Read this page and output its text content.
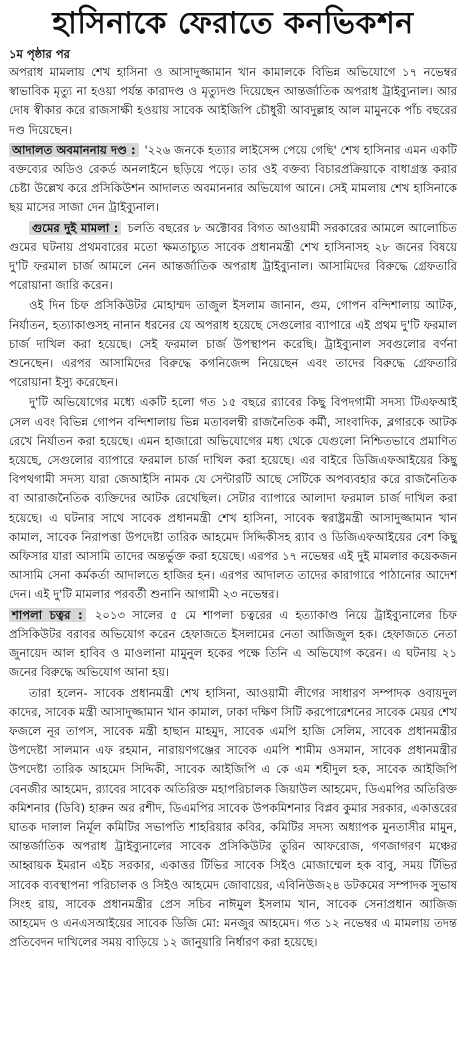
হাসিনাকে ফেরাতে কনভিকশন
১ম পৃষ্ঠার পর

অপরাধ মামলায় শেখ হাসিনা ও আসাদুজ্জামান খান কামালকে বিভিন্ন অভিযোগে ১৭ নভেম্বর স্বাভাবিক মৃত্যু না হওয়া পর্যন্ত কারাদণ্ড ও মৃত্যুদণ্ড দিয়েছেন আন্তর্জাতিক অপরাধ ট্রাইব্যুনাল। আর দোষ স্বীকার করে রাজসাক্ষী হওয়ায় সাবেক আইজিপি চৌধুরী আবদুল্লাহ আল মামুনকে পাঁচ বছরের দণ্ড দিয়েছেন।

আদালত অবমাননায় দণ্ড : '২২৬ জনকে হত্যার লাইসেন্স পেয়ে গেছি' শেখ হাসিনার এমন একটি বক্তব্যের অডিও রেকর্ড অনলাইনে ছড়িয়ে পড়ে। তার ওই বক্তব্য বিচারপ্রক্রিয়াকে বাধাগ্রস্ত করার চেষ্টা উল্লেখ করে প্রসিকিউশন আদালত অবমাননার অভিযোগ আনে। সেই মামলায় শেখ হাসিনাকে ছয় মাসের সাজা দেন ট্রাইব্যুনাল।

গুমের দুই মামলা : চলতি বছরের ৮ অক্টোবর বিগত আওয়ামী সরকারের আমলে আলোচিত গুমের ঘটনায় প্রথমবারের মতো ক্ষমতাচ্যুত সাবেক প্রধানমন্ত্রী শেখ হাসিনাসহ ২৮ জনের বিষয়ে দু'টি ফরমাল চার্জ আমলে নেন আন্তর্জাতিক অপরাধ ট্রাইব্যুনাল। আসামিদের বিরুদ্ধে গ্রেফতারি পরোয়ানা জারি করেন।

ওই দিন চিফ প্রসিকিউটর মোহাম্মদ তাজুল ইসলাম জানান, গুম, গোপন বন্দিশালায় আটক, নির্যাতন, হত্যাকাণ্ডসহ নানান ধরনের যে অপরাধ হয়েছে সেগুলোর ব্যাপারে এই প্রথম দু'টি ফরমাল চার্জ দাখিল করা হয়েছে। সেই ফরমাল চার্জ উপস্থাপন করেছি। ট্রাইব্যুনাল সবগুলোর বর্ণনা শুনেছেন। এরপর আসামিদের বিরুদ্ধে কগনিজেন্স নিয়েছেন এবং তাদের বিরুদ্ধে গ্রেফতারি পরোয়ানা ইস্যু করেছেন।

দু'টি অভিযোগের মধ্যে একটি হলো গত ১৫ বছরে র‌্যাবের কিছু বিপদগামী সদস্য টিএফআই সেল এবং বিভিন্ন গোপন বন্দিশালায় ভিন্ন মতাবলম্বী রাজনৈতিক কর্মী, সাংবাদিক, ব্লগারকে আটক রেখে নির্যাতন করা হয়েছে। এমন হাজারো অভিযোগের মধ্য থেকে যেগুলো নিশ্চিতভাবে প্রমাণিত হয়েছে, সেগুলোর ব্যাপারে ফরমাল চার্জ দাখিল করা হয়েছে। এর বাইরে ডিজিএফআইয়ের কিছু বিপথগামী সদস্য যারা জেআইসি নামক যে সেন্টারটি আছে সেটিকে অপব্যবহার করে রাজনৈতিক বা আরাজনৈতিক ব্যক্তিদের আটক রেখেছিল। সেটার ব্যাপারে আলাদা ফরমাল চার্জ দাখিল করা হয়েছে। এ ঘটনার সাথে সাবেক প্রধানমন্ত্রী শেখ হাসিনা, সাবেক স্বরাষ্ট্রমন্ত্রী আসাদুজ্জামান খান কামাল, সাবেক নিরাপত্তা উপদেষ্টা তারিক আহমেদ সিদ্দিকীসহ র‌্যাব ও ডিজিএফআইয়ের বেশ কিছু অফিসার যারা আসামি তাদের অন্তর্ভুক্ত করা হয়েছে। এরপর ১৭ নভেম্বর এই দুই মামলার কয়েকজন আসামি সেনা কর্মকর্তা আদালতে হাজির হন। এরপর আদালত তাদের কারাগারে পাঠানোর আদেশ দেন। এই দু'টি মামলার পরবর্তী শুনানি আগামী ২৩ নভেম্বর।

শাপলা চত্বর : ২০১৩ সালের ৫ মে শাপলা চত্বরের এ হত্যাকাণ্ড নিয়ে ট্রাইব্যুনালের চিফ প্রসিকিউটর বরাবর অভিযোগ করেন হেফাজতে ইসলামের নেতা আজিজুল হক। হেফাজতে নেতা জুনায়েদ আল হাবিব ও মাওলানা মামুনুল হকের পক্ষে তিনি এ অভিযোগ করেন। এ ঘটনায় ২১ জনের বিরুদ্ধে অভিযোগ আনা হয়।

তারা হলেন- সাবেক প্রধানমন্ত্রী শেখ হাসিনা, আওয়ামী লীগের সাধারণ সম্পাদক ওবায়দুল কাদের, সাবেক মন্ত্রী আসাদুজ্জামান খান কামাল, ঢাকা দক্ষিণ সিটি করপোরেশনের সাবেক মেয়র শেখ ফজলে নূর তাপস, সাবেক মন্ত্রী হাছান মাহমুদ, সাবেক এমপি হাজি সেলিম, সাবেক প্রধানমন্ত্রীর উপদেষ্টা সালমান এফ রহমান, নারায়ণগঞ্জের সাবেক এমপি শামীম ওসমান, সাবেক প্রধানমন্ত্রীর উপদেষ্টা তারিক আহমেদ সিদ্দিকী, সাবেক আইজিপি এ কে এম শহীদুল হক, সাবেক আইজিপি বেনজীর আহমেদ, র‌্যাবের সাবেক অতিরিক্ত মহাপরিচালক জিয়াউল আহমেদ, ডিএমপির অতিরিক্ত কমিশনার (ডিবি) হারুন অর রশীদ, ডিএমপির সাবেক উপকমিশনার বিপ্লব কুমার সরকার, একাত্তরের ঘাতক দালাল নির্মূল কমিটির সভাপতি শাহরিয়ার কবির, কমিটির সদস্য অধ্যাপক মুনতাসীর মামুন, আন্তর্জাতিক অপরাধ ট্রাইব্যুনালের সাবেক প্রসিকিউটর তুরিন আফরোজ, গণজাগরণ মঞ্চের আহ্বায়ক ইমরান এইচ সরকার, একাত্তর টিভির সাবেক সিইও মোজাম্মেল হক বাবু, সময় টিভির সাবেক ব্যবস্থাপনা পরিচালক ও সিইও আহমেদ জোবায়ের, এবিনিউজ২৪ ডটকমের সম্পাদক সুভাষ সিংহ রায়, সাবেক প্রধানমন্ত্রীর প্রেস সচিব নাঈমুল ইসলাম খান, সাবেক সেনাপ্রধান আজিজ আহমেদ ও এনএসআইয়ের সাবেক ডিজি মো: মনজুর আহমেদ। গত ১২ নভেম্বর এ মামলায় তদন্ত প্রতিবেদন দাখিলের সময় বাড়িয়ে ১২ জানুয়ারি নির্ধারণ করা হয়েছে।
